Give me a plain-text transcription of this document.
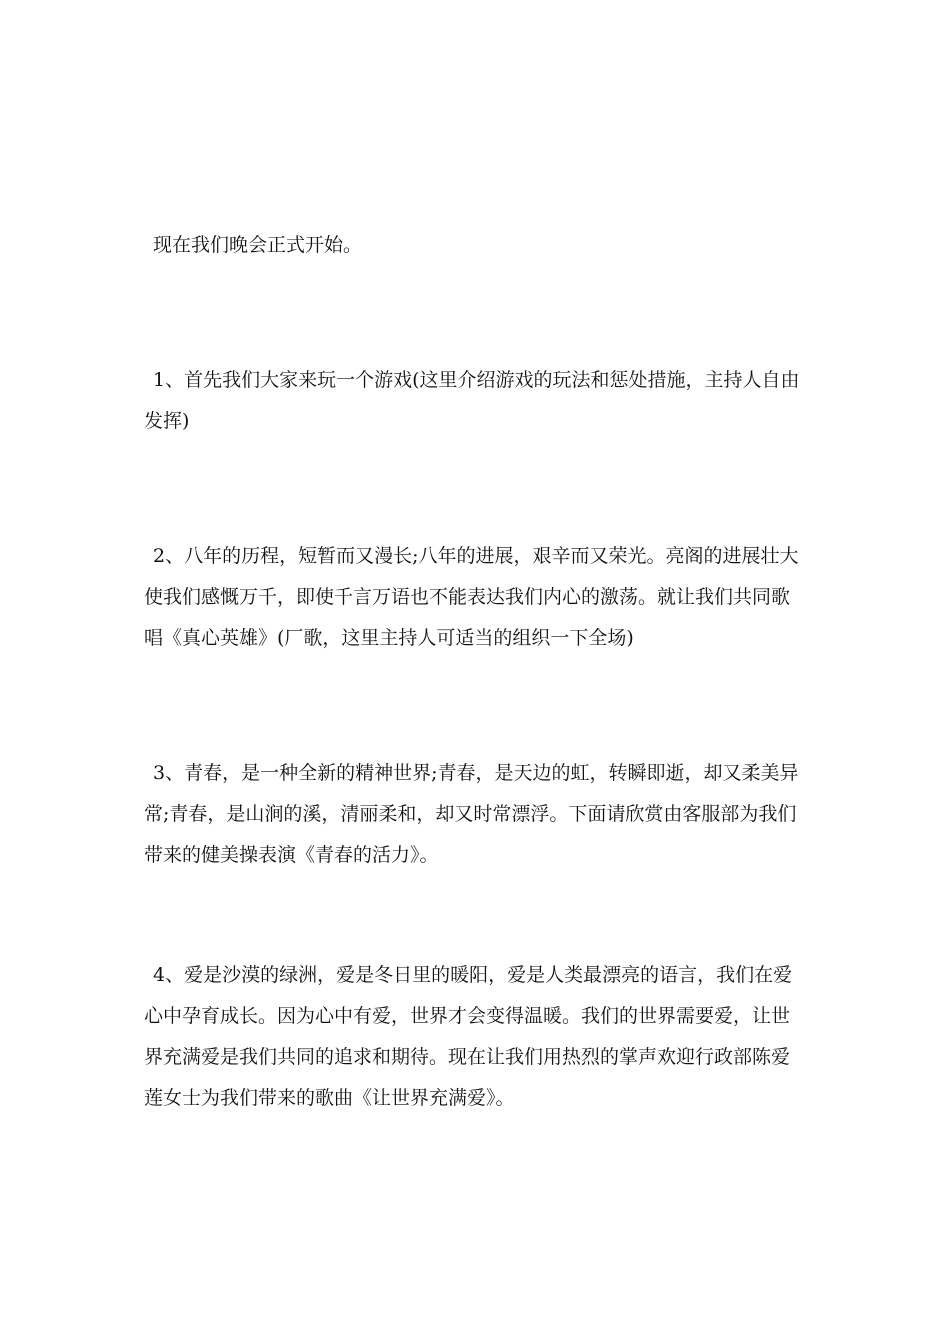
现在我们晚会正式开始。

1、首先我们大家来玩一个游戏(这里介绍游戏的玩法和惩处措施，主持人自由发挥)

2、八年的历程，短暂而又漫长;八年的进展，艰辛而又荣光。亮阁的进展壮大使我们感慨万千，即使千言万语也不能表达我们内心的激荡。就让我们共同歌唱《真心英雄》(厂歌，这里主持人可适当的组织一下全场)

3、青春，是一种全新的精神世界;青春，是天边的虹，转瞬即逝，却又柔美异常;青春，是山涧的溪，清丽柔和，却又时常漂浮。下面请欣赏由客服部为我们带来的健美操表演《青春的活力》。

4、爱是沙漠的绿洲，爱是冬日里的暖阳，爱是人类最漂亮的语言，我们在爱心中孕育成长。因为心中有爱，世界才会变得温暖。我们的世界需要爱，让世界充满爱是我们共同的追求和期待。现在让我们用热烈的掌声欢迎行政部陈爱莲女士为我们带来的歌曲《让世界充满爱》。
